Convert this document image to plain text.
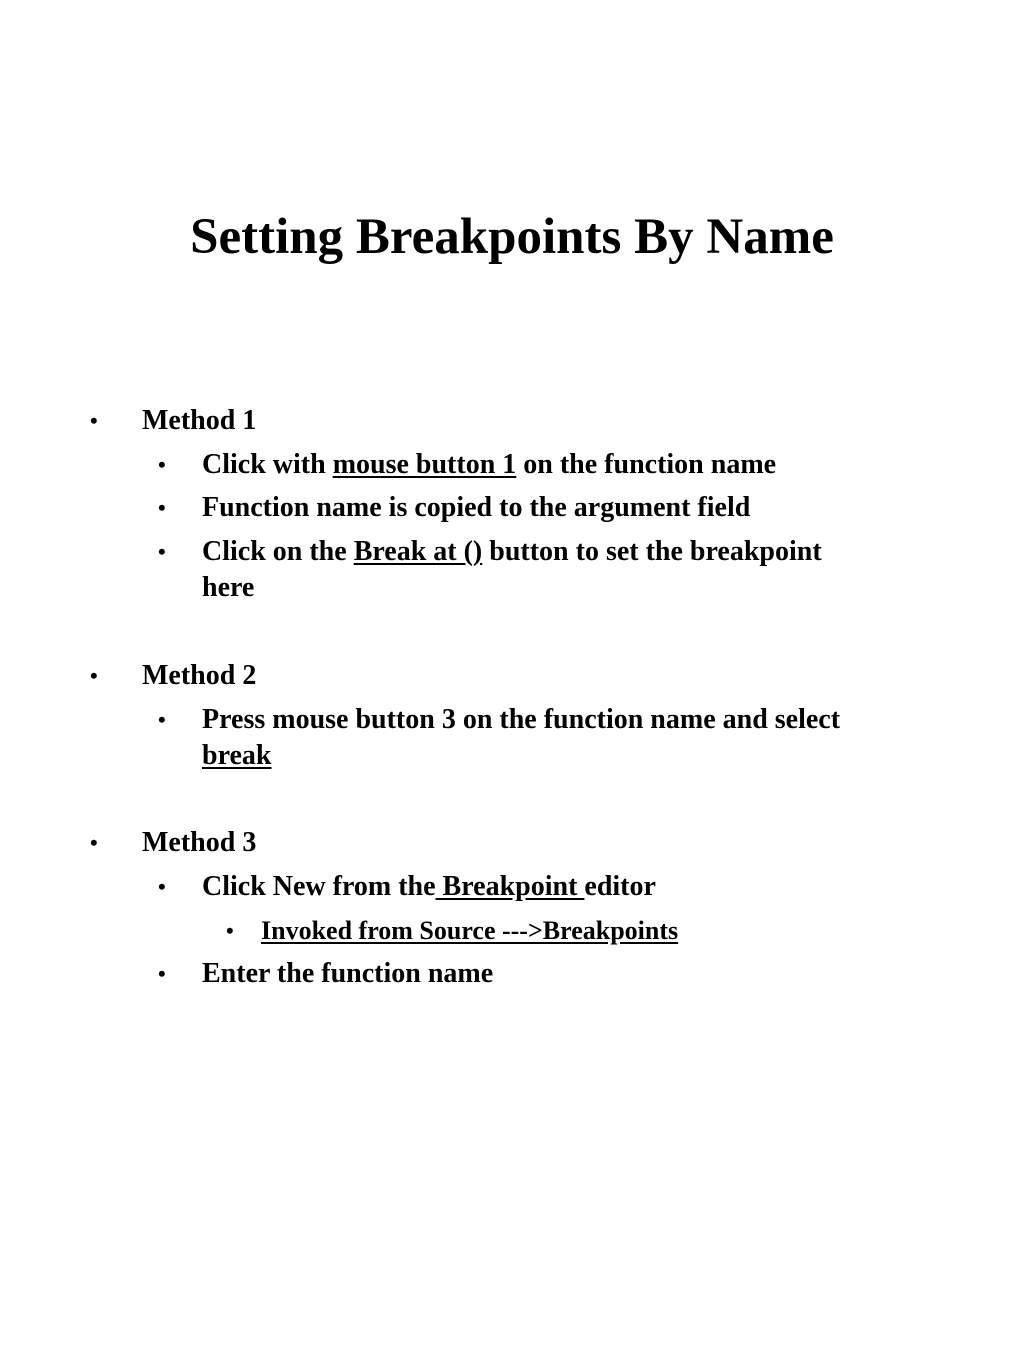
Setting Breakpoints By Name
• Method 1
• Click with mouse button 1 on the function name
• Function name is copied to the argument field
• Click on the Break at () button to set the breakpoint
here
• Method 2
• Press mouse button 3 on the function name and select
break
• Method 3
• Click New from the Breakpoint editor
• Invoked from Source --->Breakpoints
• Enter the function name
